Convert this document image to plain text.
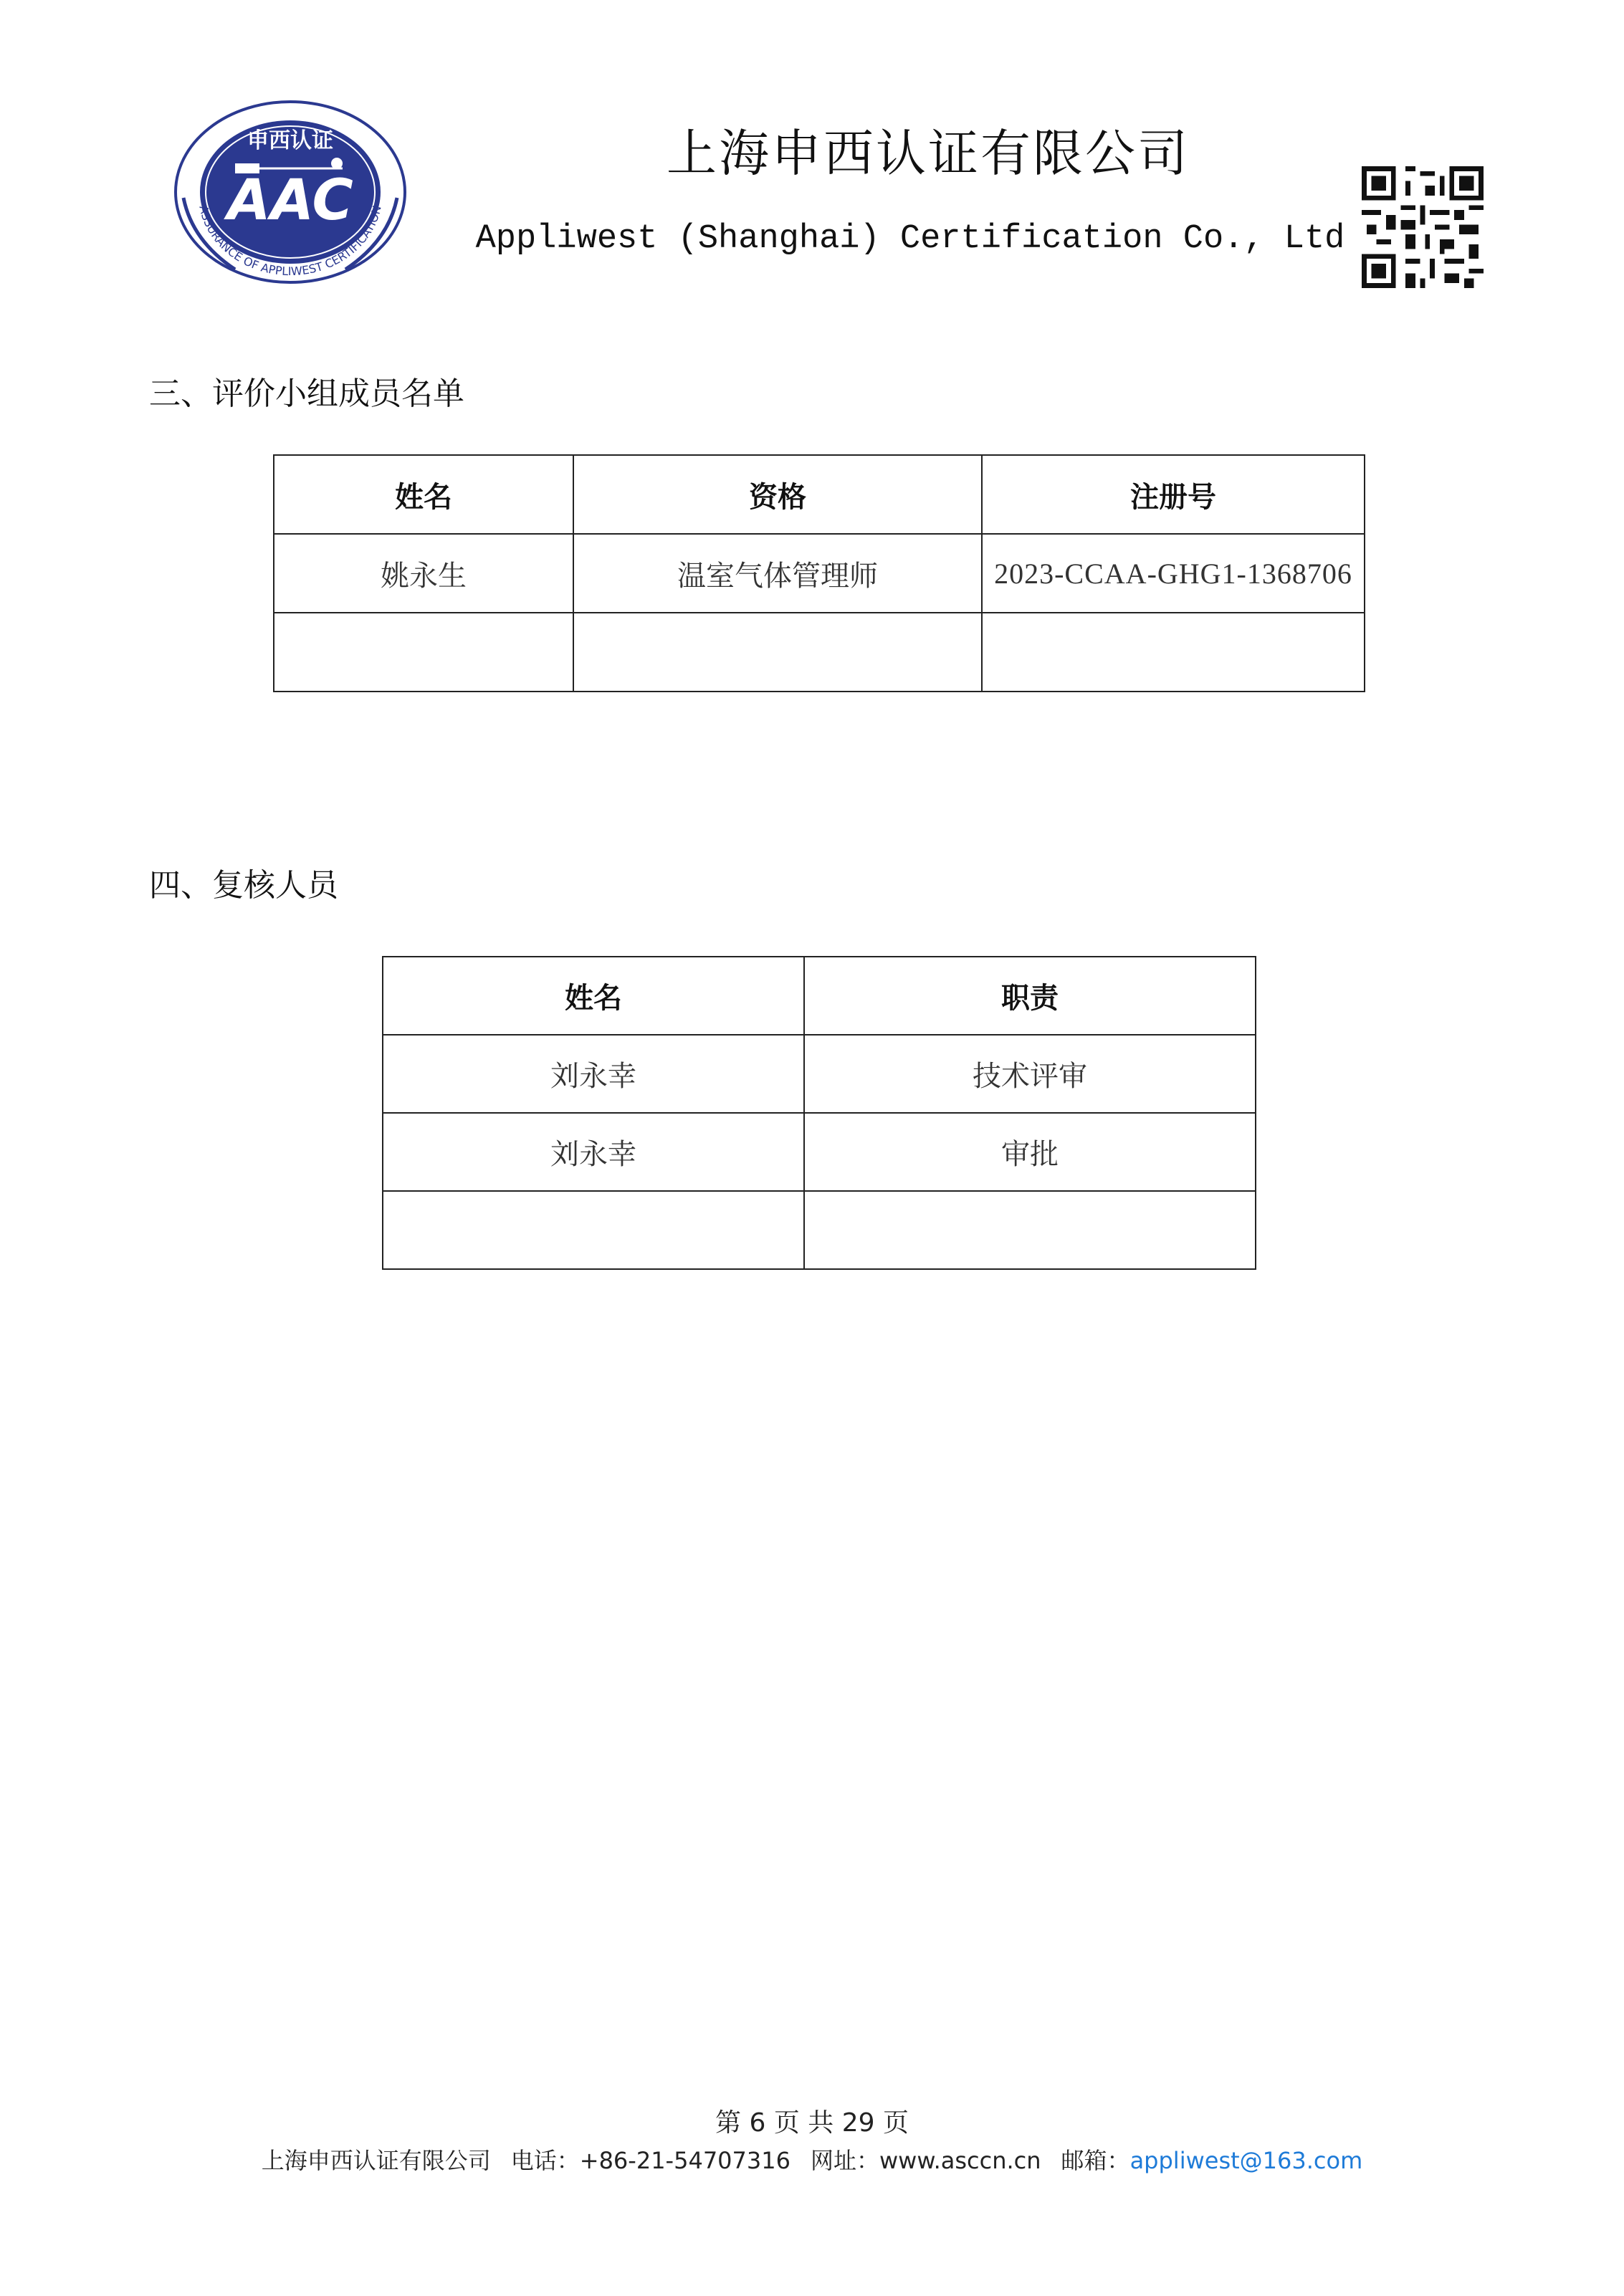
申西认证
AAC
ASSURANCE OF APPLIWEST CERTIFICATION
上海申西认证有限公司
Appliwest (Shanghai) Certification Co., Ltd
三、评价小组成员名单
姓名	资格	注册号
姚永生	温室气体管理师	2023-CCAA-GHG1-1368706

四、复核人员
姓名	职责
刘永幸	技术评审
刘永幸	审批

第 6 页 共 29 页
上海申西认证有限公司 电话：+86-21-54707316 网址：www.asccn.cn 邮箱：appliwest@163.com
